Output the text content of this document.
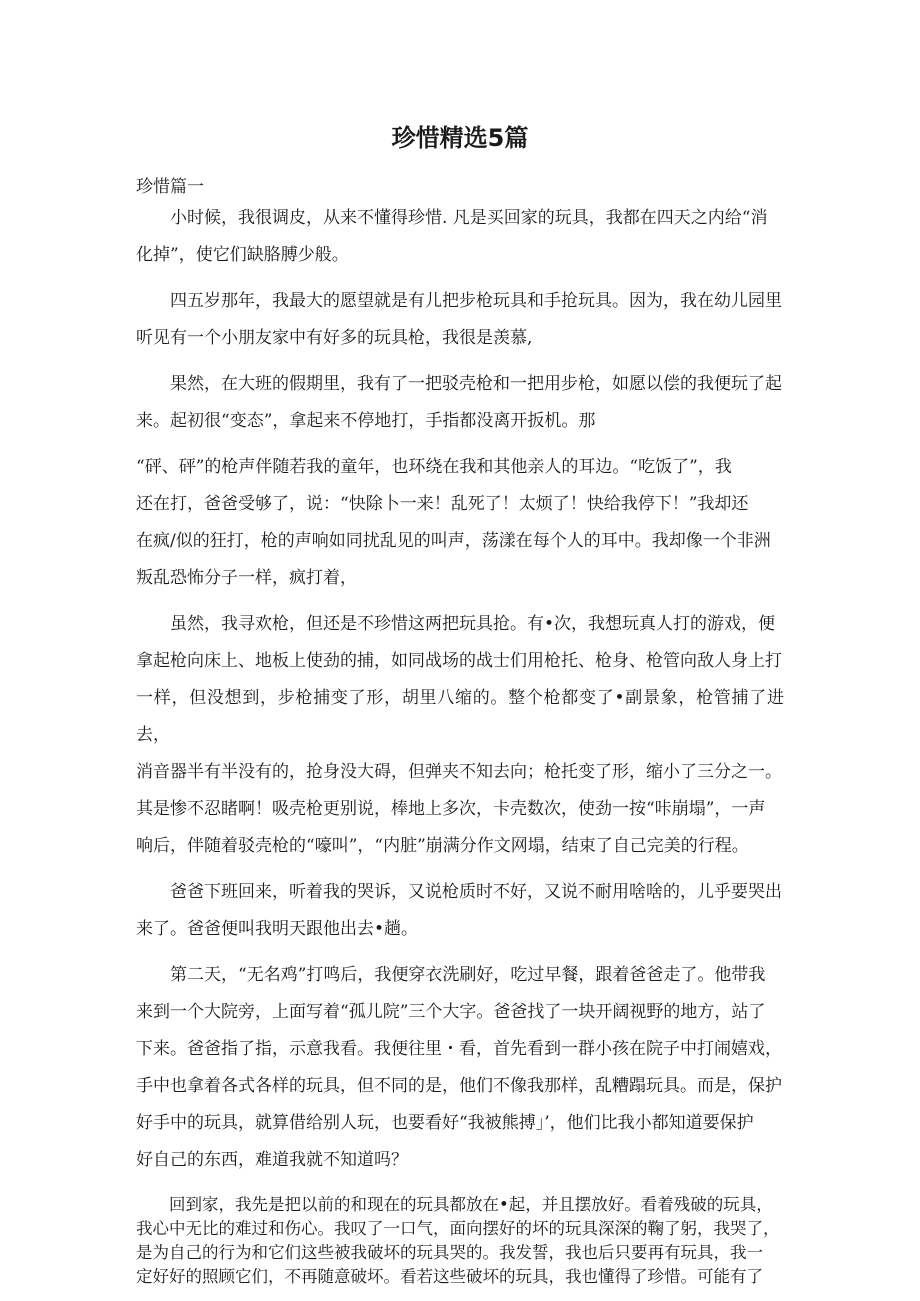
珍惜精选5篇

珍惜篇一

小时候，我很调皮，从来不懂得珍惜. 凡是买回家的玩具，我都在四天之内给“消
化掉”，使它们缺胳膊少般。

四五岁那年，我最大的愿望就是有儿把步枪玩具和手抢玩具。因为，我在幼儿园里
听见有一个小朋友家中有好多的玩具枪，我很是羡慕,

果然，在大班的假期里，我有了一把驳壳枪和一把用步枪，如愿以偿的我便玩了起
来。起初很“变态”，拿起来不停地打，手指都没离开扳机。那

“砰、砰”的枪声伴随若我的童年，也环绕在我和其他亲人的耳边。“吃饭了”，我
还在打，爸爸受够了，说：“快除卜一来！乱死了！太烦了！快给我停下！”我却还
在疯/似的狂打，枪的声响如同扰乱见的叫声，荡漾在每个人的耳中。我却像一个非洲
叛乱恐怖分子一样，疯打着，

虽然，我寻欢枪，但还是不珍惜这两把玩具抢。有•次，我想玩真人打的游戏，便
拿起枪向床上、地板上使劲的捕，如同战场的战士们用枪托、枪身、枪管向敌人身上打
一样，但没想到，步枪捕变了形，胡里八缩的。整个枪都变了•副景象，枪管捕了进去，
消音器半有半没有的，抢身没大碍，但弹夹不知去向；枪托变了形，缩小了三分之一。
其是惨不忍睹啊！吸壳枪更别说，棒地上多次，卡壳数次，使劲一按“咔崩塌”，一声
响后，伴随着驳壳枪的“嚎叫”，“内脏”崩满分作文网塌，结束了自己完美的行程。

爸爸下班回来，听着我的哭诉，又说枪质时不好，又说不耐用啥啥的，儿乎要哭出
来了。爸爸便叫我明天跟他出去•趟。

第二天，“无名鸡”打鸣后，我便穿衣洗刷好，吃过早餐，跟着爸爸走了。他带我
来到一个大院旁，上面写着“孤儿院”三个大字。爸爸找了一块开阔视野的地方，站了
下来。爸爸指了指，示意我看。我便往里・看，首先看到一群小孩在院子中打闹嬉戏，
手中也拿着各式各样的玩具，但不同的是，他们不像我那样，乱糟蹋玩具。而是，保护
好手中的玩具，就算借给别人玩，也要看好“我被熊搏」’，他们比我小都知道要保护
好自己的东西，难道我就不知道吗？

回到家，我先是把以前的和现在的玩具都放在•起，并且摆放好。看着残破的玩具，
我心中无比的难过和伤心。我叹了一口气，面向摆好的坏的玩具深深的鞠了躬，我哭了，
是为自己的行为和它们这些被我破坏的玩具哭的。我发誓，我也后只要再有玩具，我一
定好好的照顾它们，不再随意破坏。看若这些破坏的玩具，我也懂得了珍惜。可能有了
